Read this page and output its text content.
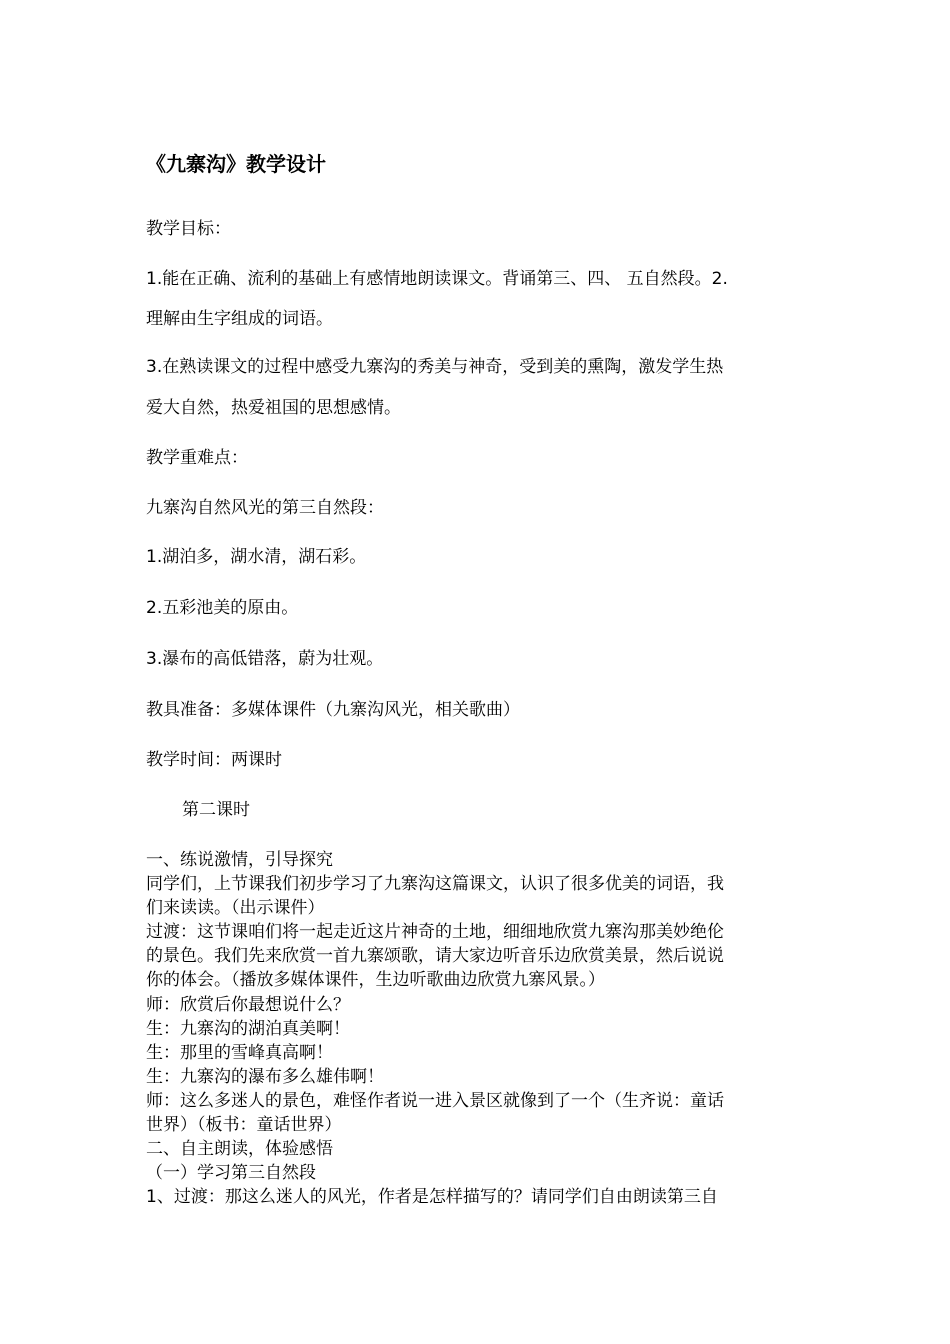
《九寨沟》教学设计
教学目标：
1.能在正确、流利的基础上有感情地朗读课文。背诵第三、四、 五自然段。2.
理解由生字组成的词语。
3.在熟读课文的过程中感受九寨沟的秀美与神奇，受到美的熏陶，激发学生热
爱大自然，热爱祖国的思想感情。
教学重难点：
九寨沟自然风光的第三自然段：
1.湖泊多，湖水清，湖石彩。
2.五彩池美的原由。
3.瀑布的高低错落，蔚为壮观。
教具准备：多媒体课件（九寨沟风光，相关歌曲）
教学时间：两课时
第二课时
一、练说激情，引导探究
同学们，上节课我们初步学习了九寨沟这篇课文，认识了很多优美的词语，我
们来读读。（出示课件）
过渡：这节课咱们将一起走近这片神奇的土地，细细地欣赏九寨沟那美妙绝伦
的景色。我们先来欣赏一首九寨颂歌，请大家边听音乐边欣赏美景，然后说说
你的体会。（播放多媒体课件，生边听歌曲边欣赏九寨风景。）
师：欣赏后你最想说什么？
生：九寨沟的湖泊真美啊！
生：那里的雪峰真高啊！
生：九寨沟的瀑布多么雄伟啊！
师：这么多迷人的景色，难怪作者说一进入景区就像到了一个（生齐说：童话
世界）（板书：童话世界）
二、自主朗读，体验感悟
（一）学习第三自然段
1、过渡：那这么迷人的风光，作者是怎样描写的？请同学们自由朗读第三自
